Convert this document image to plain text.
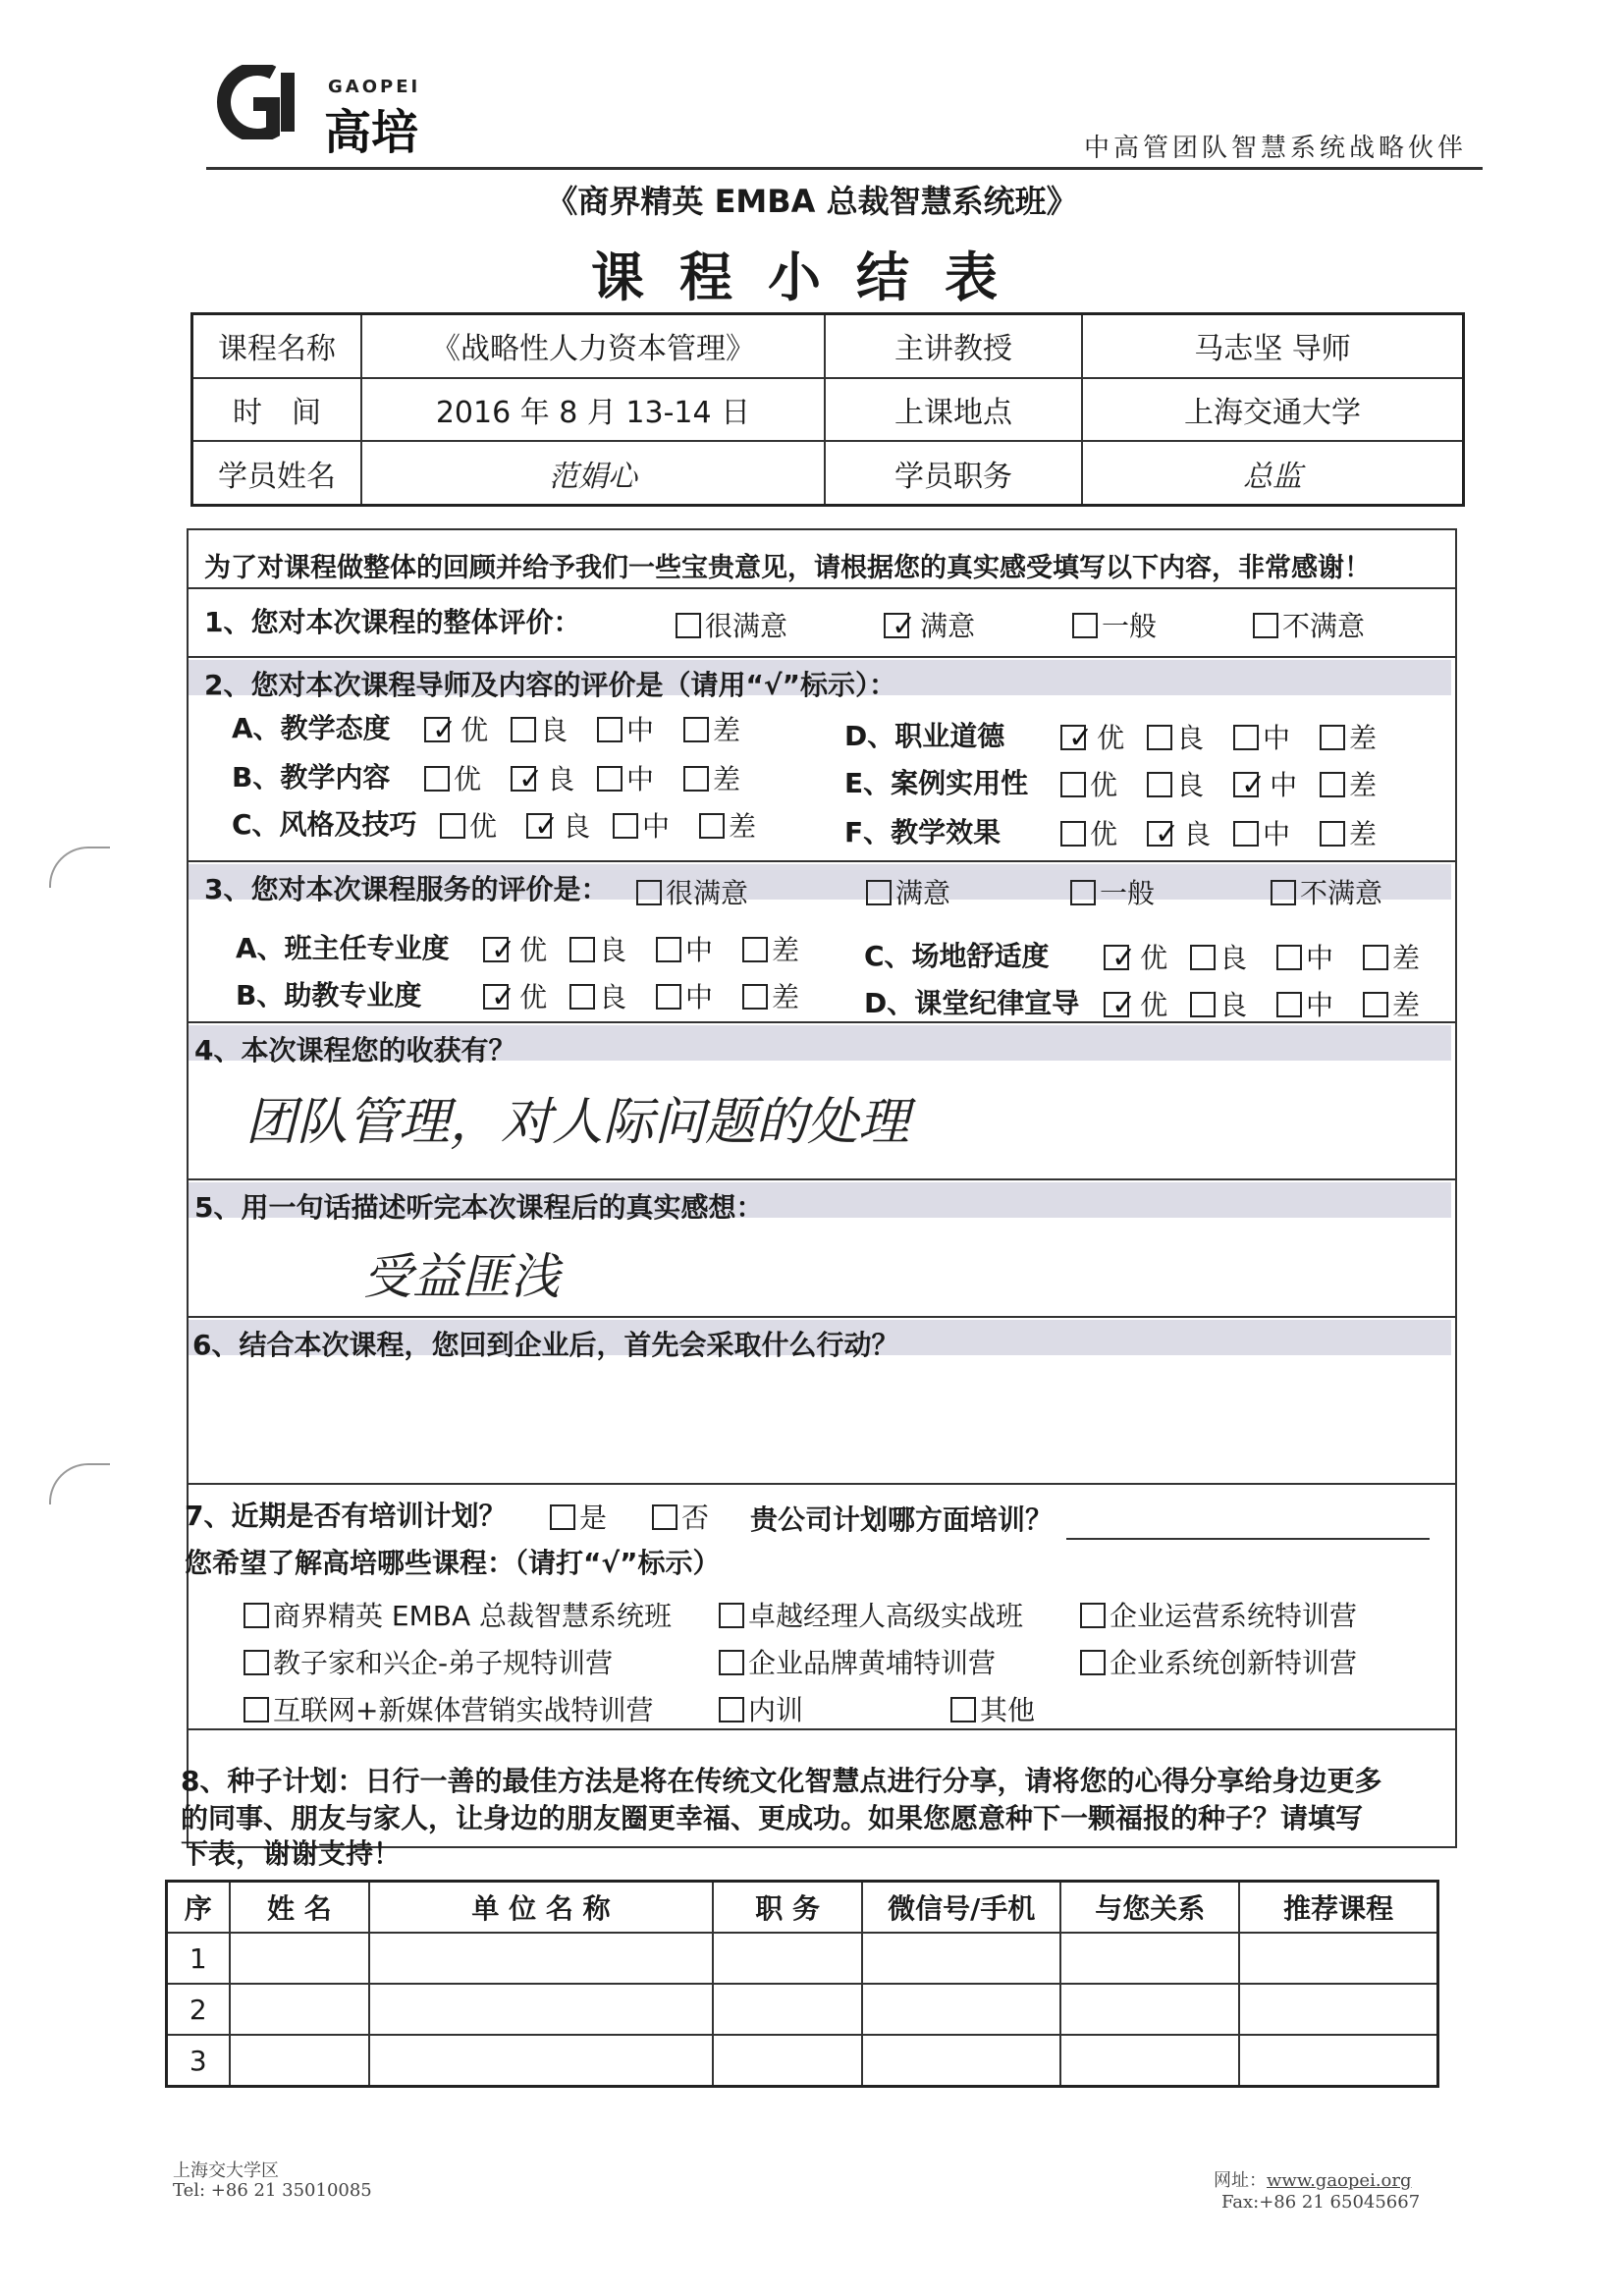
GAOPEI
高培	中高管团队智慧系统战略伙伴
《商界精英 EMBA 总裁智慧系统班》
课程小结表
课程名称	《战略性人力资本管理》	主讲教授	马志坚 导师
时　间	2016 年 8 月 13-14 日	上课地点	上海交通大学
学员姓名	范娟心	学员职务	总监
为了对课程做整体的回顾并给予我们一些宝贵意见，请根据您的真实感受填写以下内容，非常感谢！
1、您对本次课程的整体评价：	很满意	✓ 满意	一般	不满意
2、您对本次课程导师及内容的评价是（请用“√”标示）：
A、教学态度 ✓ 优	良	中	差
B、教学内容	优 ✓ 良	中	差
C、风格及技巧	优 ✓ 良	中	差
D、职业道德 ✓ 优	良	中	差
E、案例实用性	优	良 ✓ 中	差
F、教学效果	优 ✓ 良	中	差
3、您对本次课程服务的评价是：	很满意	满意	一般	不满意
A、班主任专业度 ✓ 优	良	中	差
B、助教专业度 ✓ 优	良	中	差
C、场地舒适度 ✓ 优	良	中	差
D、课堂纪律宣导 ✓ 优	良	中	差
4、本次课程您的收获有？
团队管理，对人际问题的处理
5、用一句话描述听完本次课程后的真实感想：
受益匪浅
6、结合本次课程，您回到企业后，首先会采取什么行动？
7、近期是否有培训计划？	是	否 贵公司计划哪方面培训？
您希望了解高培哪些课程：（请打“√”标示）
商界精英 EMBA 总裁智慧系统班	卓越经理人高级实战班	企业运营系统特训营
教子家和兴企-弟子规特训营	企业品牌黄埔特训营	企业系统创新特训营
互联网+新媒体营销实战特训营	内训	其他
8、种子计划：日行一善的最佳方法是将在传统文化智慧点进行分享，请将您的心得分享给身边更多
的同事、朋友与家人，让身边的朋友圈更幸福、更成功。如果您愿意种下一颗福报的种子？请填写
下表，谢谢支持！
序	姓 名	单 位 名 称	职 务	微信号/手机	与您关系	推荐课程
1						
2						
3						
上海交大学区
Tel: +86 21 35010085	网址：www.gaopei.org
Fax:+86 21 65045667
